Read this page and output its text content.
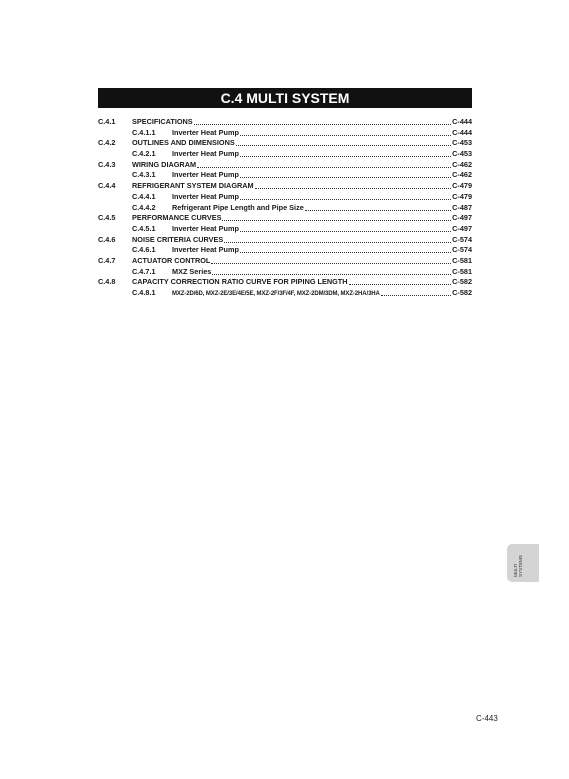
C.4 MULTI SYSTEM
C.4.1 SPECIFICATIONS	C-444
C.4.1.1 Inverter Heat Pump	C-444
C.4.2 OUTLINES AND DIMENSIONS	C-453
C.4.2.1 Inverter Heat Pump	C-453
C.4.3 WIRING DIAGRAM	C-462
C.4.3.1 Inverter Heat Pump	C-462
C.4.4 REFRIGERANT SYSTEM DIAGRAM	C-479
C.4.4.1 Inverter Heat Pump	C-479
C.4.4.2 Refrigerant Pipe Length and Pipe Size	C-487
C.4.5 PERFORMANCE CURVES	C-497
C.4.5.1 Inverter Heat Pump	C-497
C.4.6 NOISE CRITERIA CURVES	C-574
C.4.6.1 Inverter Heat Pump	C-574
C.4.7 ACTUATOR CONTROL	C-581
C.4.7.1 MXZ Series	C-581
C.4.8 CAPACITY CORRECTION RATIO CURVE FOR PIPING LENGTH	C-582
C.4.8.1	MXZ-2D/6D, MXZ-2E/3E/4E/5E, MXZ-2F/3F/4F, MXZ-2DM/3DM, MXZ-2HA/3HA	C-582
MULTI SYSTEMS
C-443
